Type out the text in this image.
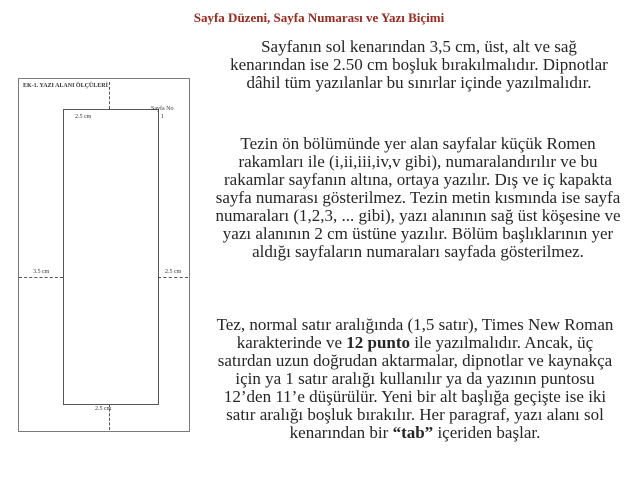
Sayfa Düzeni, Sayfa Numarası ve Yazı Biçimi
Sayfanın sol kenarından 3,5 cm, üst, alt ve sağ kenarından ise 2.50 cm boşluk bırakılmalıdır. Dipnotlar dâhil tüm yazılanlar bu sınırlar içinde yazılmalıdır.
EK-1. YAZI ALANI ÖLÇÜLERİ
2.5 cm
Sayfa No
1
3.5 cm	2.5 cm
2.5 cm
Tezin ön bölümünde yer alan sayfalar küçük Romen rakamları ile (i,ii,iii,iv,v gibi), numaralandırılır ve bu rakamlar sayfanın altına, ortaya yazılır. Dış ve iç kapakta sayfa numarası gösterilmez. Tezin metin kısmında ise sayfa numaraları (1,2,3, ... gibi), yazı alanının sağ üst köşesine ve yazı alanının 2 cm üstüne yazılır. Bölüm başlıklarının yer aldığı sayfaların numaraları sayfada gösterilmez.
Tez, normal satır aralığında (1,5 satır), Times New Roman karakterinde ve 12 punto ile yazılmalıdır. Ancak, üç satırdan uzun doğrudan aktarmalar, dipnotlar ve kaynakça için ya 1 satır aralığı kullanılır ya da yazının puntosu 12’den 11’e düşürülür. Yeni bir alt başlığa geçişte ise iki satır aralığı boşluk bırakılır. Her paragraf, yazı alanı sol kenarından bir “tab” içeriden başlar.
